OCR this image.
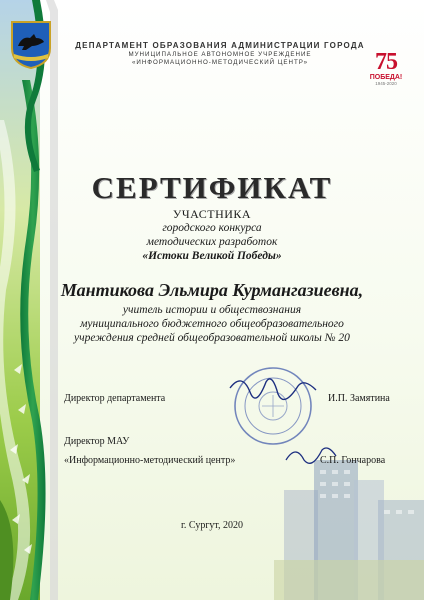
ДЕПАРТАМЕНТ ОБРАЗОВАНИЯ АДМИНИСТРАЦИИ ГОРОДА
МУНИЦИПАЛЬНОЕ АВТОНОМНОЕ УЧРЕЖДЕНИЕ
«ИНФОРМАЦИОННО-МЕТОДИЧЕСКИЙ ЦЕНТР»	75
ПОБЕДА!
1945-2020
СЕРТИФИКАТ
УЧАСТНИКА
городского конкурса
методических разработок
«Истоки Великой Победы»
Мантикова Эльмира Курмангазиевна,
учитель истории и обществознания
муниципального бюджетного общеобразовательного
учреждения средней общеобразовательной школы № 20
Директор департамента	И.П. Замятина
Директор МАУ
«Информационно-методический центр»	С.П. Гончарова
г. Сургут, 2020
